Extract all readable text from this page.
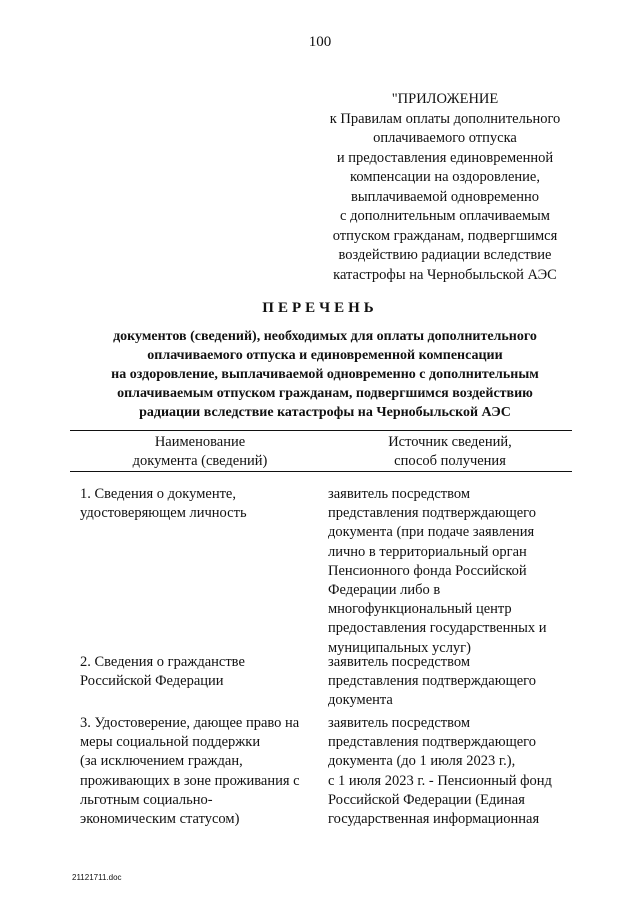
100
"ПРИЛОЖЕНИЕ
к Правилам оплаты дополнительного
оплачиваемого отпуска
и предоставления единовременной
компенсации на оздоровление,
выплачиваемой одновременно
с дополнительным оплачиваемым
отпуском гражданам, подвергшимся
воздействию радиации вследствие
катастрофы на Чернобыльской АЭС
ПЕРЕЧЕНЬ
документов (сведений), необходимых для оплаты дополнительного
оплачиваемого отпуска и единовременной компенсации
на оздоровление, выплачиваемой одновременно с дополнительным
оплачиваемым отпуском гражданам, подвергшимся воздействию
радиации вследствие катастрофы на Чернобыльской АЭС
Наименование
документа (сведений)
Источник сведений,
способ получения
1. Сведения о документе,
удостоверяющем личность
заявитель посредством
представления подтверждающего
документа (при подаче заявления
лично в территориальный орган
Пенсионного фонда Российской
Федерации либо в
многофункциональный центр
предоставления государственных и
муниципальных услуг)
2. Сведения о гражданстве
Российской Федерации
заявитель посредством
представления подтверждающего
документа
3. Удостоверение, дающее право на
меры социальной поддержки
(за исключением граждан,
проживающих в зоне проживания с
льготным социально-
экономическим статусом)
заявитель посредством
представления подтверждающего
документа (до 1 июля 2023 г.),
с 1 июля 2023 г. - Пенсионный фонд
Российской Федерации (Единая
государственная информационная
21121711.doc
